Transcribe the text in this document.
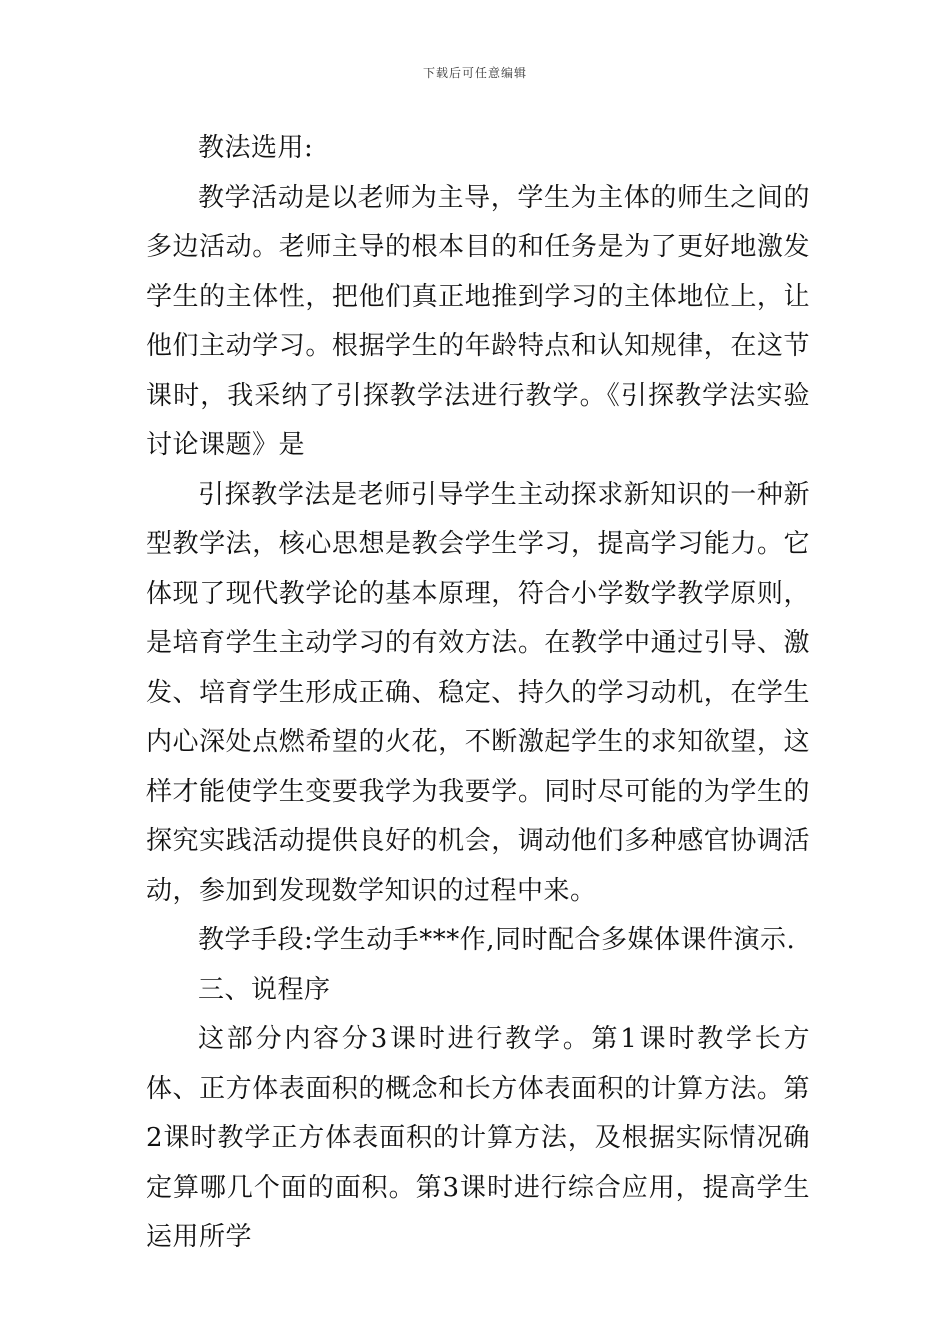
下载后可任意编辑

教法选用:

教学活动是以老师为主导，学生为主体的师生之间的多边活动。老师主导的根本目的和任务是为了更好地激发学生的主体性，把他们真正地推到学习的主体地位上，让他们主动学习。根据学生的年龄特点和认知规律，在这节课时，我采纳了引探教学法进行教学。《引探教学法实验讨论课题》是

引探教学法是老师引导学生主动探求新知识的一种新型教学法，核心思想是教会学生学习，提高学习能力。它体现了现代教学论的基本原理，符合小学数学教学原则，是培育学生主动学习的有效方法。在教学中通过引导、激发、培育学生形成正确、稳定、持久的学习动机，在学生内心深处点燃希望的火花，不断激起学生的求知欲望，这样才能使学生变要我学为我要学。同时尽可能的为学生的探究实践活动提供良好的机会，调动他们多种感官协调活动，参加到发现数学知识的过程中来。

教学手段:学生动手***作,同时配合多媒体课件演示.

三、说程序

这部分内容分3课时进行教学。第1课时教学长方体、正方体表面积的概念和长方体表面积的计算方法。第2课时教学正方体表面积的计算方法，及根据实际情况确定算哪几个面的面积。第3课时进行综合应用，提高学生运用所学
